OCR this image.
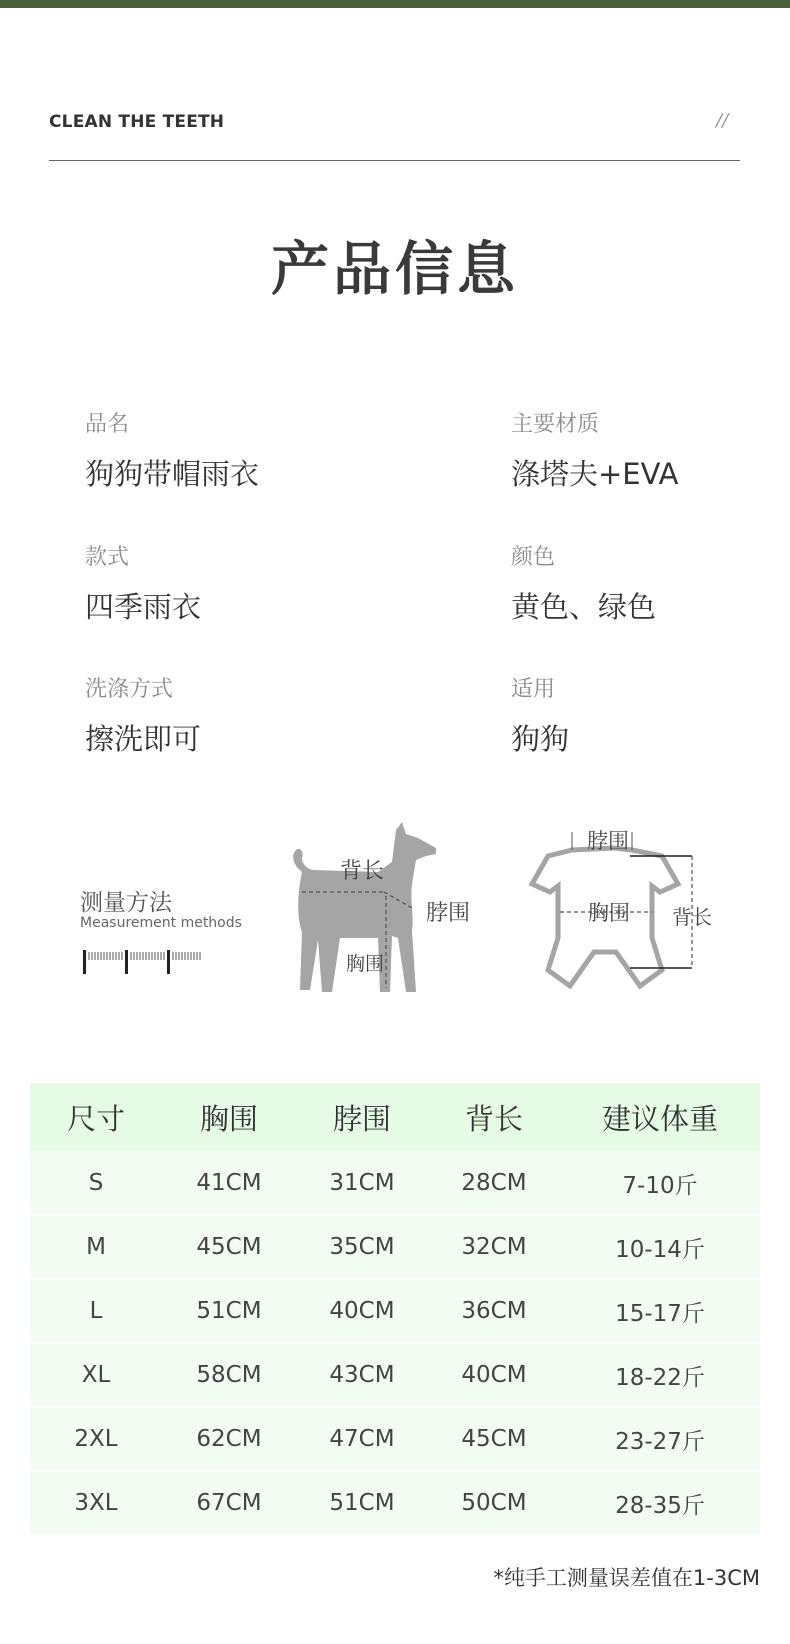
CLEAN THE TEETH	//
产品信息
品名
狗狗带帽雨衣
主要材质
涤塔夫+EVA
款式
四季雨衣
颜色
黄色、绿色
洗涤方式
擦洗即可
适用
狗狗
测量方法
Measurement methods
背长
脖围
胸围
脖围
胸围 背长
尺寸	胸围	脖围	背长	建议体重
S	41CM	31CM	28CM	7-10斤
M	45CM	35CM	32CM	10-14斤
L	51CM	40CM	36CM	15-17斤
XL	58CM	43CM	40CM	18-22斤
2XL	62CM	47CM	45CM	23-27斤
3XL	67CM	51CM	50CM	28-35斤
*纯手工测量误差值在1-3CM
